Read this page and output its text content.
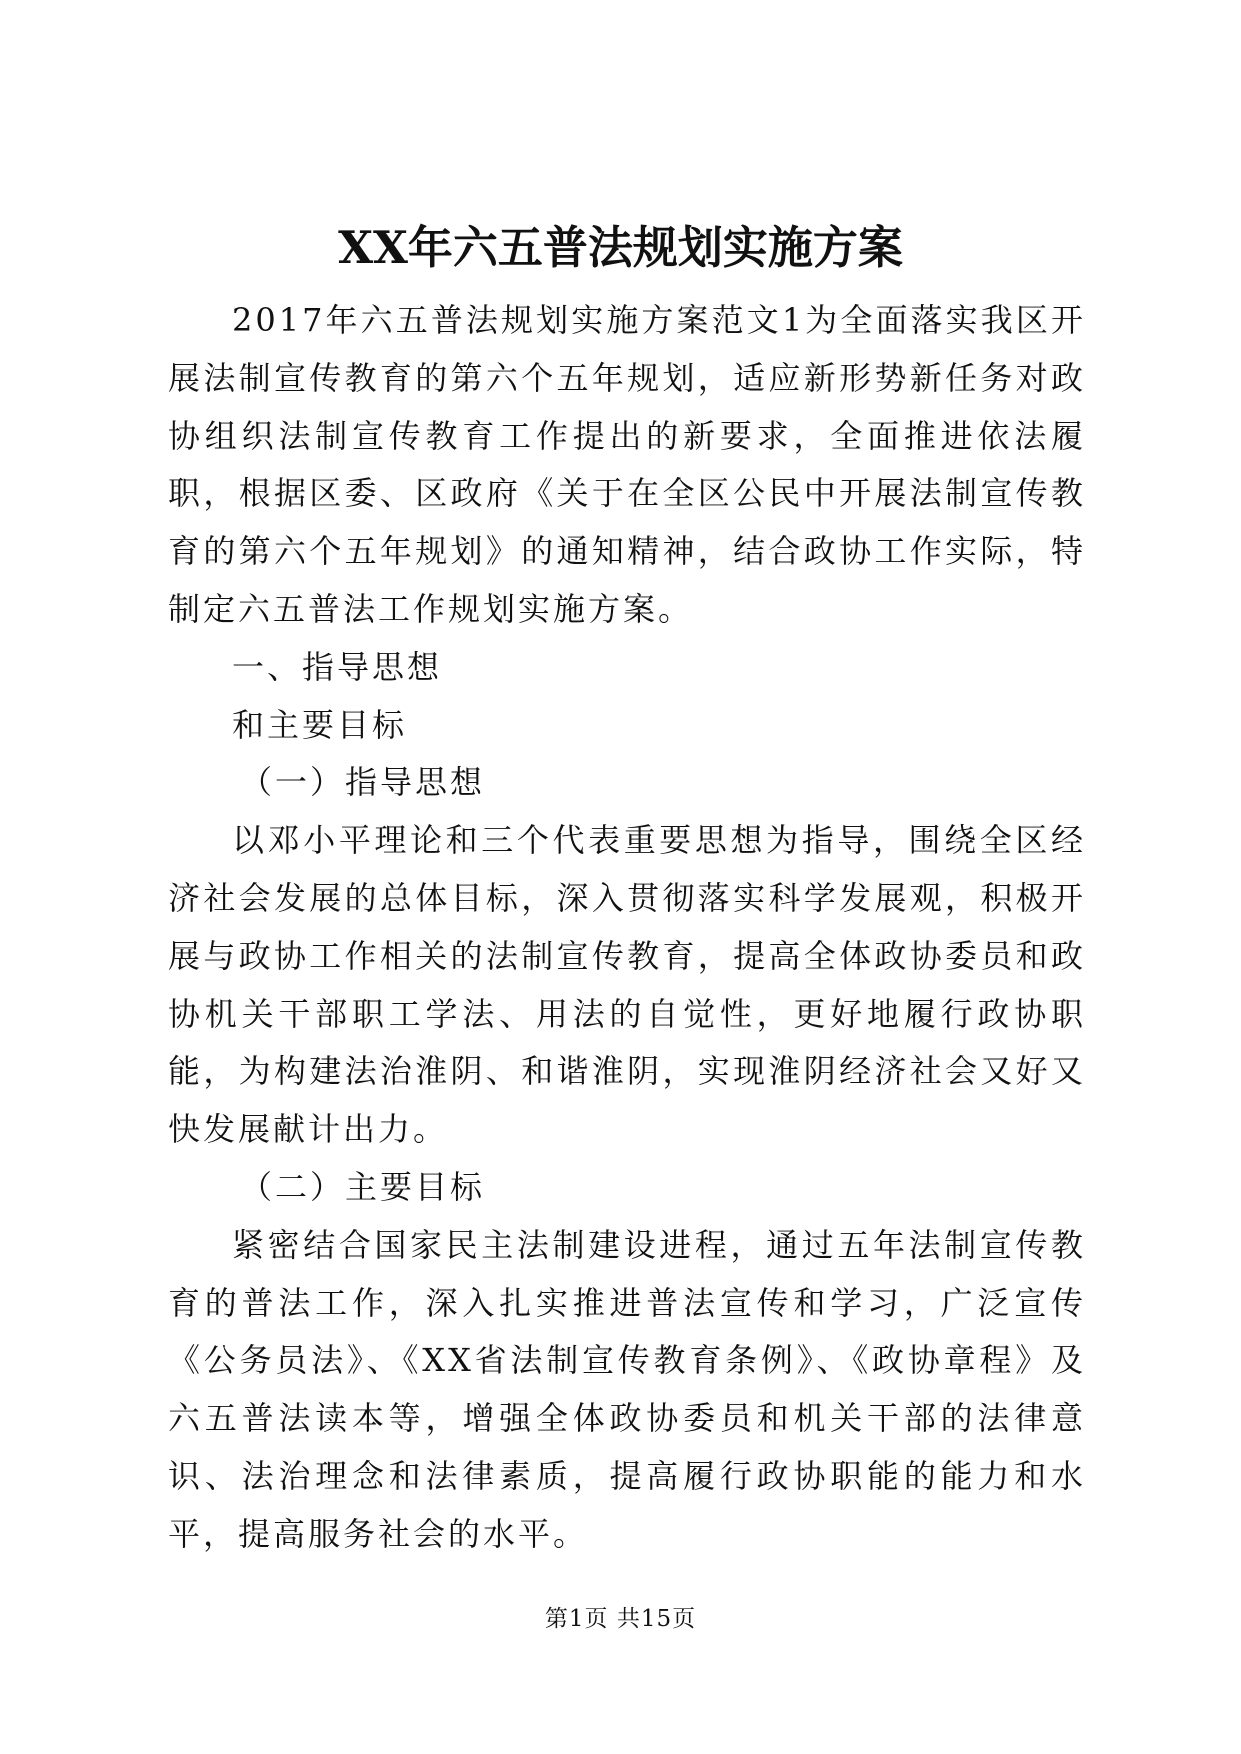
XX年六五普法规划实施方案

2017年六五普法规划实施方案范文1为全面落实我区开展法制宣传教育的第六个五年规划，适应新形势新任务对政协组织法制宣传教育工作提出的新要求，全面推进依法履职，根据区委、区政府《关于在全区公民中开展法制宣传教育的第六个五年规划》的通知精神，结合政协工作实际，特制定六五普法工作规划实施方案。

一、指导思想

和主要目标

（一）指导思想

以邓小平理论和三个代表重要思想为指导，围绕全区经济社会发展的总体目标，深入贯彻落实科学发展观，积极开展与政协工作相关的法制宣传教育，提高全体政协委员和政协机关干部职工学法、用法的自觉性，更好地履行政协职能，为构建法治淮阴、和谐淮阴，实现淮阴经济社会又好又快发展献计出力。

（二）主要目标

紧密结合国家民主法制建设进程，通过五年法制宣传教育的普法工作，深入扎实推进普法宣传和学习，广泛宣传《公务员法》、《XX省法制宣传教育条例》、《政协章程》及六五普法读本等，增强全体政协委员和机关干部的法律意识、法治理念和法律素质，提高履行政协职能的能力和水平，提高服务社会的水平。

第1页 共15页
